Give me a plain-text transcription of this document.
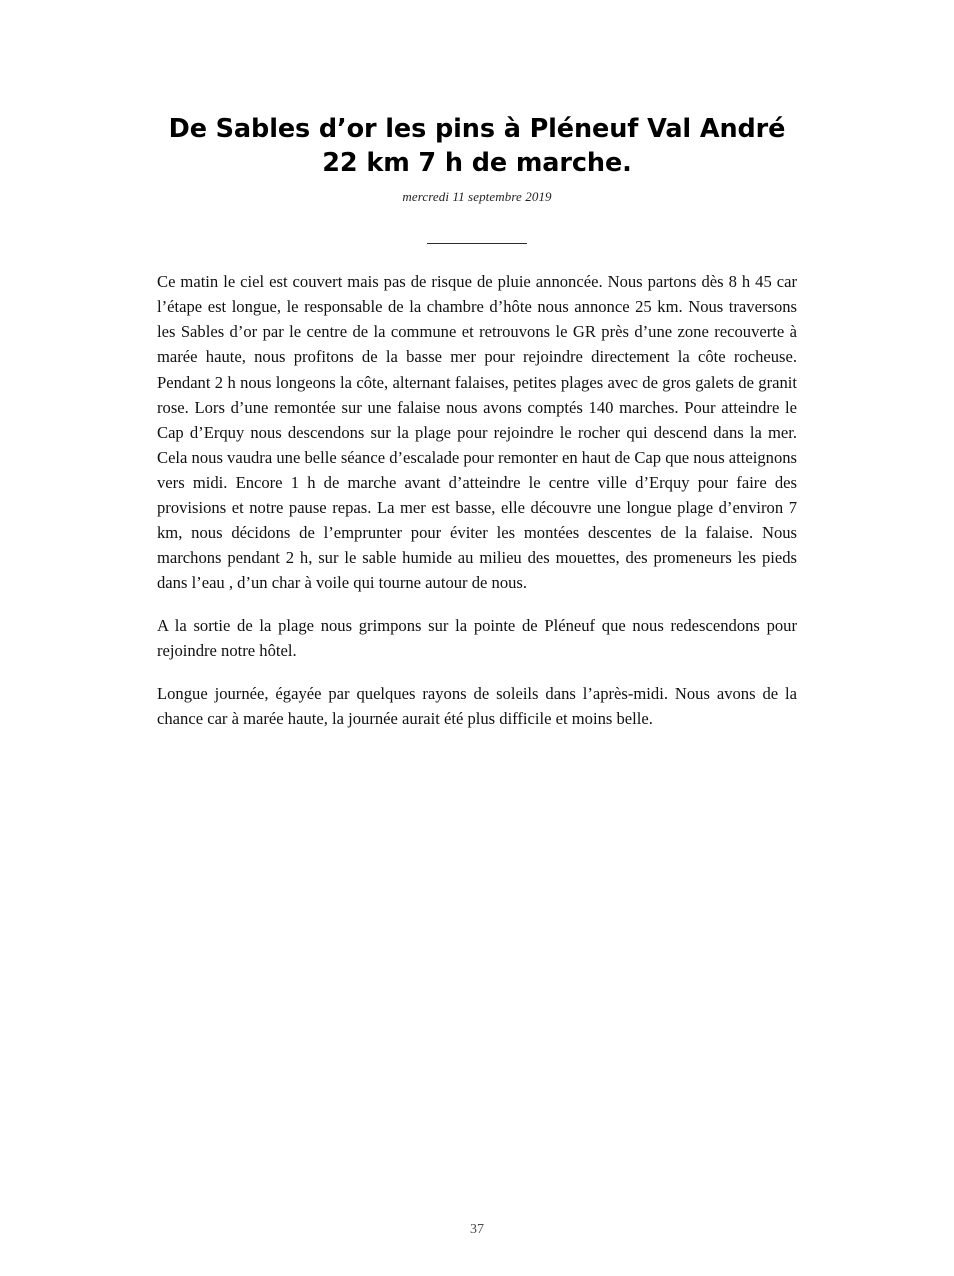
De Sables d’or les pins à Pléneuf Val André
22 km 7 h de marche.
mercredi 11 septembre 2019

Ce matin le ciel est couvert mais pas de risque de pluie annoncée. Nous partons dès 8 h 45 car l’étape est longue, le responsable de la chambre d’hôte nous annonce 25 km. Nous traversons les Sables d’or par le centre de la commune et retrouvons le GR près d’une zone recouverte à marée haute, nous profitons de la basse mer pour rejoindre directement la côte rocheuse. Pendant 2 h nous longeons la côte, alternant falaises, petites plages avec de gros galets de granit rose. Lors d’une remontée sur une falaise nous avons comptés 140 marches. Pour atteindre le Cap d’Erquy nous descendons sur la plage pour rejoindre le rocher qui descend dans la mer. Cela nous vaudra une belle séance d’escalade pour remonter en haut de Cap que nous atteignons vers midi. Encore 1 h de marche avant d’atteindre le centre ville d’Erquy pour faire des provisions et notre pause repas. La mer est basse, elle découvre une longue plage d’environ 7 km, nous décidons de l’emprunter pour éviter les montées descentes de la falaise. Nous marchons pendant 2 h, sur le sable humide au milieu des mouettes, des promeneurs les pieds dans l’eau , d’un char à voile qui tourne autour de nous.

A la sortie de la plage nous grimpons sur la pointe de Pléneuf que nous redescendons pour rejoindre notre hôtel.

Longue journée, égayée par quelques rayons de soleils dans l’après-midi. Nous avons de la chance car à marée haute, la journée aurait été plus difficile et moins belle.

37
